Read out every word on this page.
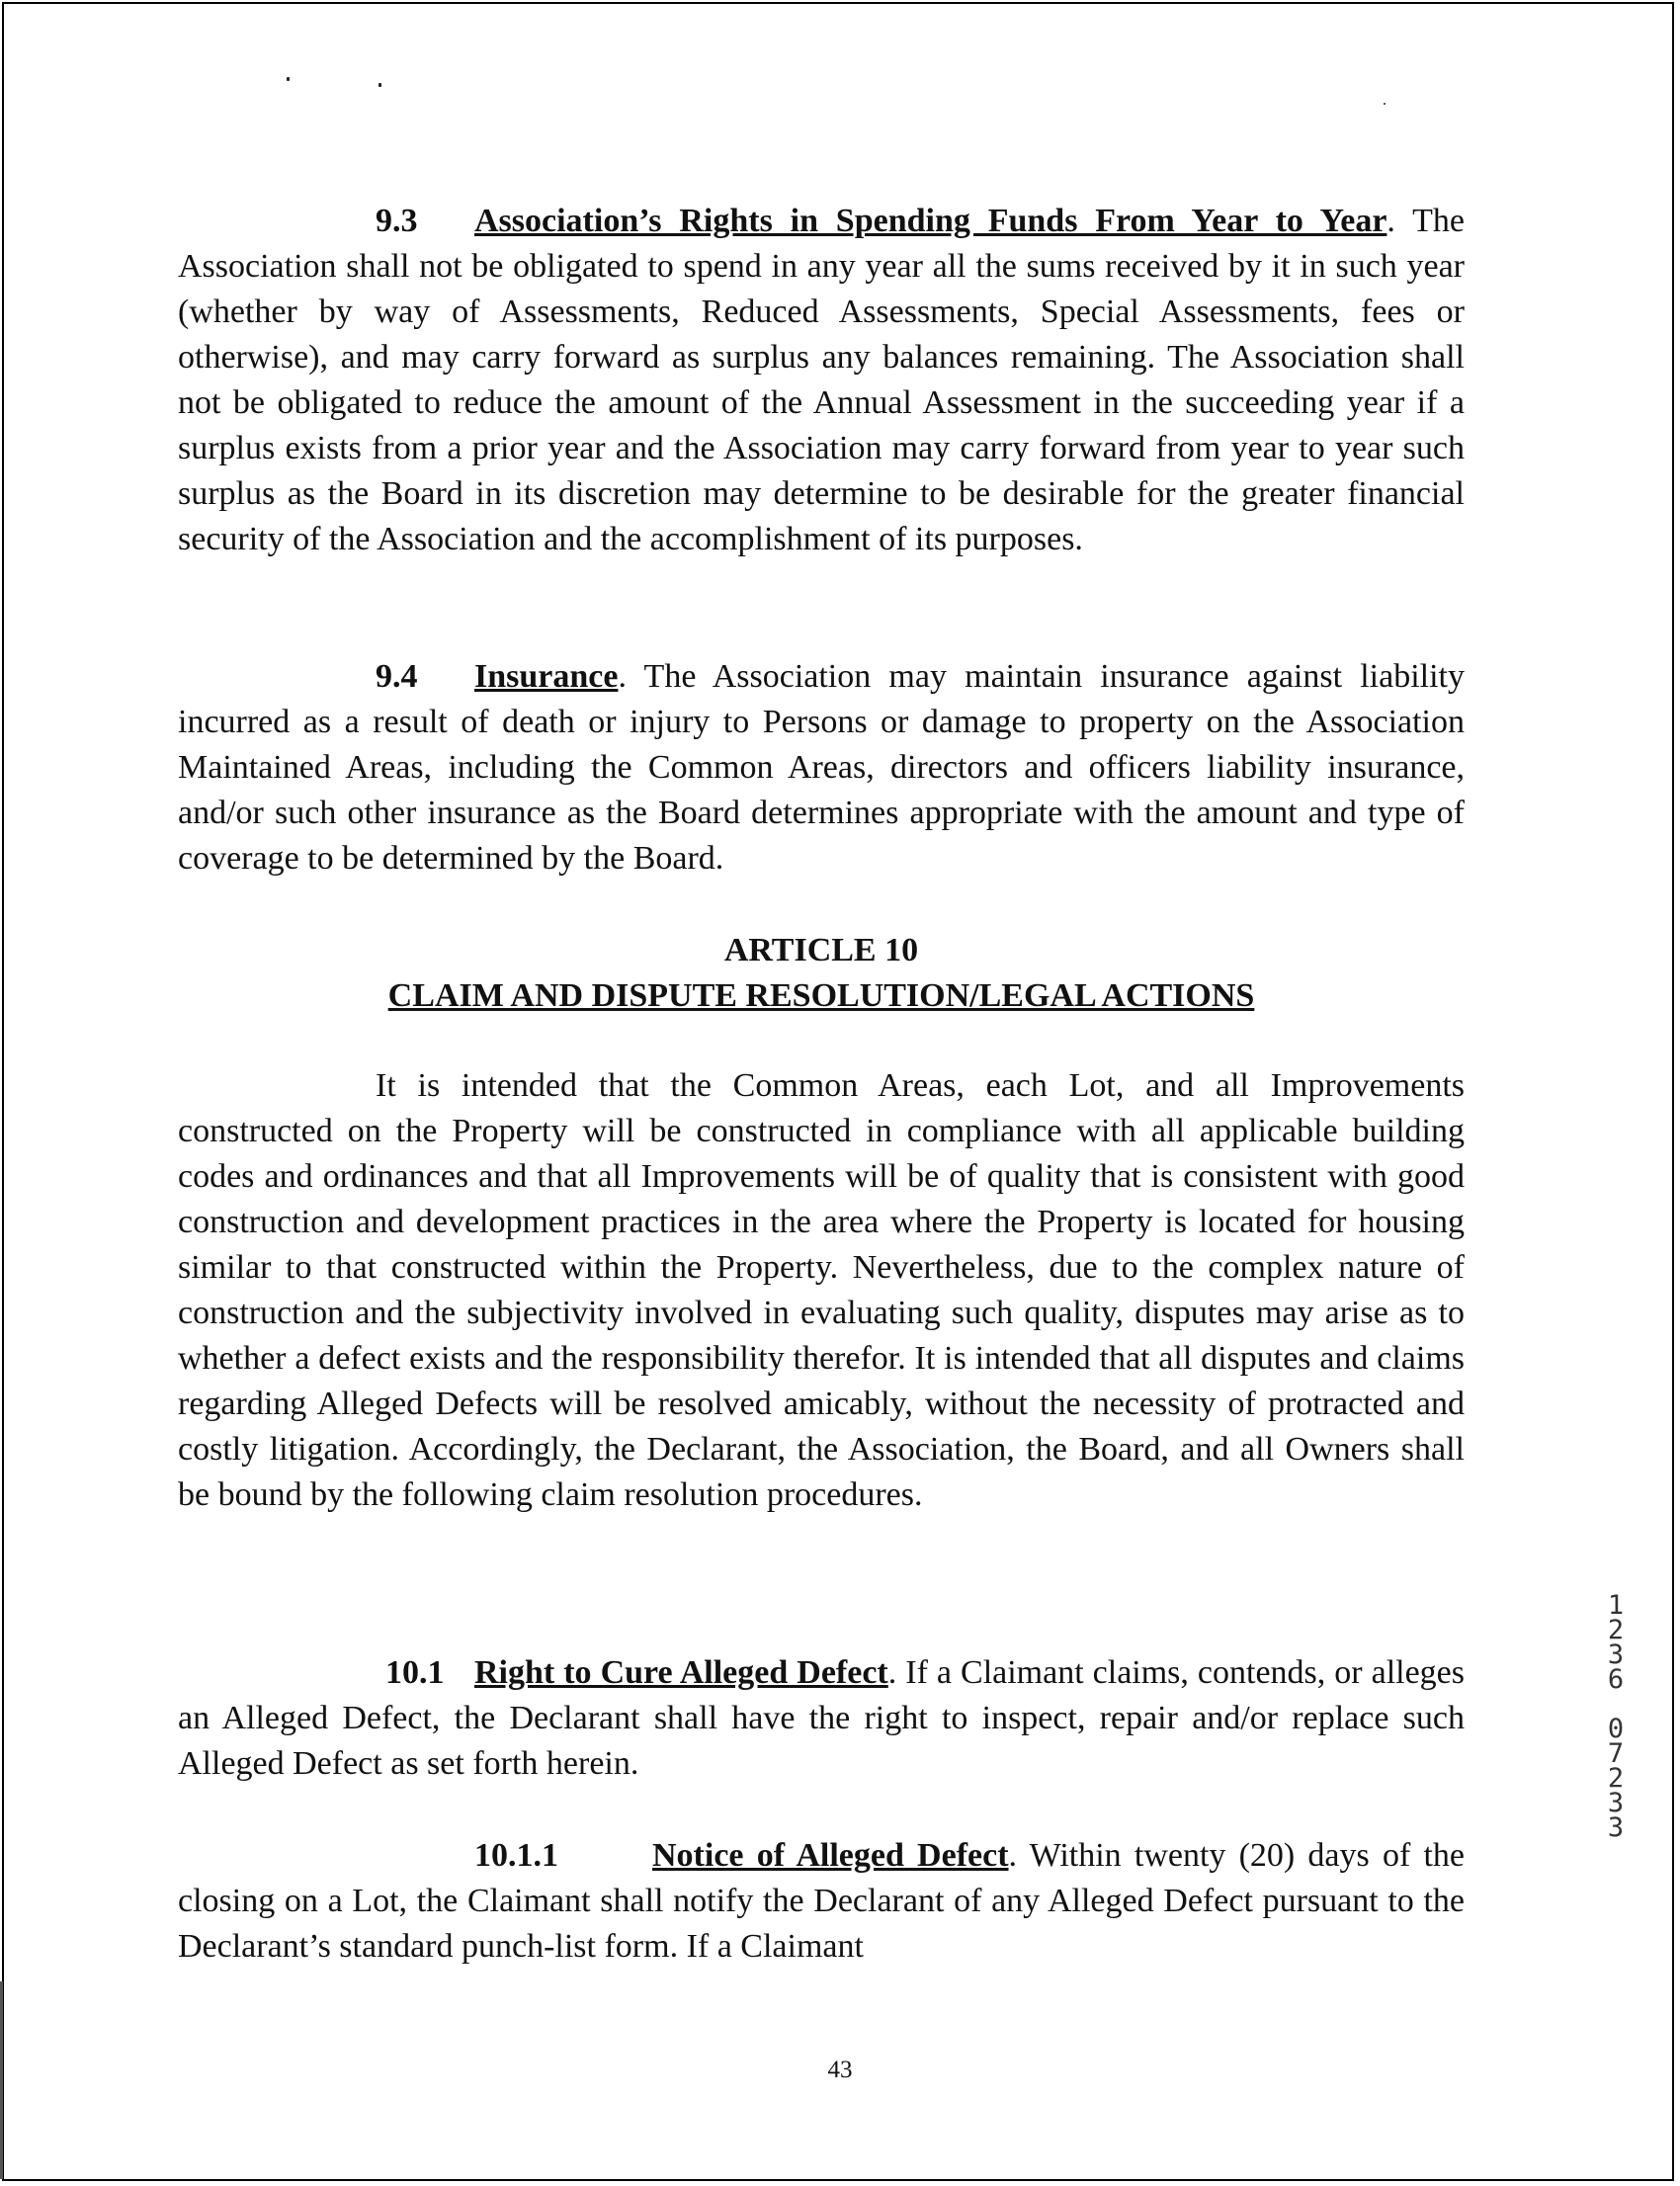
9.3 Association’s Rights in Spending Funds From Year to Year. The Association shall not be obligated to spend in any year all the sums received by it in such year (whether by way of Assessments, Reduced Assessments, Special Assessments, fees or otherwise), and may carry forward as surplus any balances remaining. The Association shall not be obligated to reduce the amount of the Annual Assessment in the succeeding year if a surplus exists from a prior year and the Association may carry forward from year to year such surplus as the Board in its discretion may determine to be desirable for the greater financial security of the Association and the accomplishment of its purposes.

9.4 Insurance. The Association may maintain insurance against liability incurred as a result of death or injury to Persons or damage to property on the Association Maintained Areas, including the Common Areas, directors and officers liability insurance, and/or such other insurance as the Board determines appropriate with the amount and type of coverage to be determined by the Board.

ARTICLE 10
CLAIM AND DISPUTE RESOLUTION/LEGAL ACTIONS

It is intended that the Common Areas, each Lot, and all Improvements constructed on the Property will be constructed in compliance with all applicable building codes and ordinances and that all Improvements will be of quality that is consistent with good construction and development practices in the area where the Property is located for housing similar to that constructed within the Property. Nevertheless, due to the complex nature of construction and the subjectivity involved in evaluating such quality, disputes may arise as to whether a defect exists and the responsibility therefor. It is intended that all disputes and claims regarding Alleged Defects will be resolved amicably, without the necessity of protracted and costly litigation. Accordingly, the Declarant, the Association, the Board, and all Owners shall be bound by the following claim resolution procedures.

10.1 Right to Cure Alleged Defect. If a Claimant claims, contends, or alleges an Alleged Defect, the Declarant shall have the right to inspect, repair and/or replace such Alleged Defect as set forth herein.

10.1.1	Notice of Alleged Defect. Within twenty (20) days of the closing on a Lot, the Claimant shall notify the Declarant of any Alleged Defect pursuant to the Declarant’s standard punch-list form. If a Claimant

1
2
3
6

0
7
2
3
3
43
